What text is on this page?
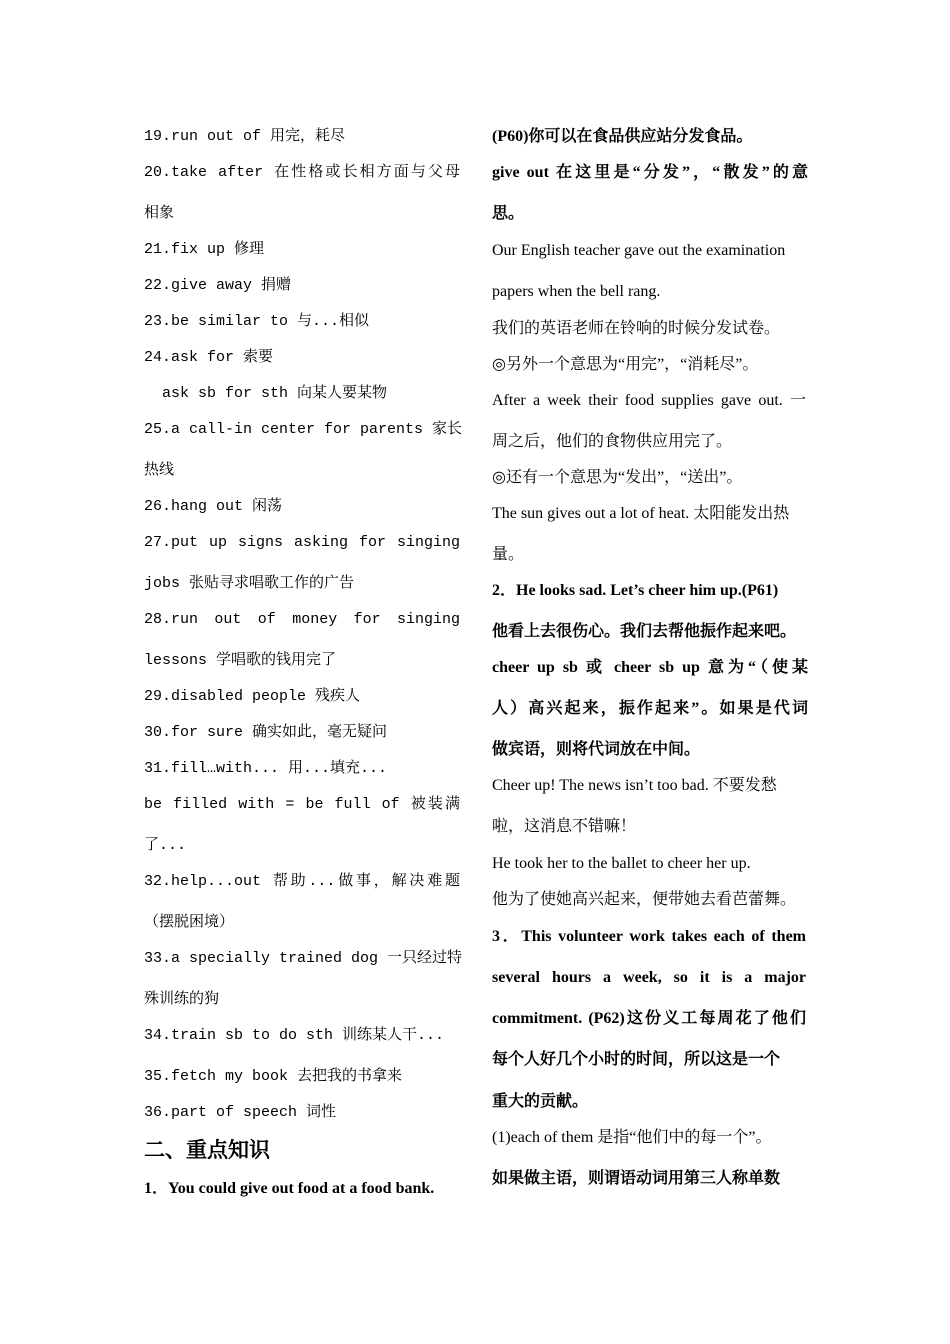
19.run out of 用完，耗尽
20.take after 在性格或长相方面与父母
相象
21.fix up 修理
22.give away 捐赠
23.be similar to 与...相似
24.ask for 索要
ask sb for sth 向某人要某物
25.a call-in center for parents 家长
热线
26.hang out 闲荡
27.put up signs asking for singing
jobs 张贴寻求唱歌工作的广告
28.run out of money for singing
lessons 学唱歌的钱用完了
29.disabled people 残疾人
30.for sure 确实如此，毫无疑问
31.fill…with... 用...填充...
be filled with = be full of 被装满
了...
32.help...out 帮助...做事，解决难题
（摆脱困境）
33.a specially trained dog 一只经过特
殊训练的狗
34.train sb to do sth 训练某人干...
35.fetch my book 去把我的书拿来
36.part of speech 词性
二、重点知识
1．You could give out food at a food bank.
(P60)你可以在食品供应站分发食品。
give out 在这里是“分发”，“散发”的意
思。
Our English teacher gave out the examination
papers when the bell rang.
我们的英语老师在铃响的时候分发试卷。
◎另外一个意思为“用完”，“消耗尽”。
After a week their food supplies gave out. 一
周之后，他们的食物供应用完了。
◎还有一个意思为“发出”，“送出”。
The sun gives out a lot of heat. 太阳能发出热
量。
2．He looks sad. Let’s cheer him up.(P61)
他看上去很伤心。我们去帮他振作起来吧。
cheer up sb 或 cheer sb up 意为“（使某
人）高兴起来，振作起来”。如果是代词
做宾语，则将代词放在中间。
Cheer up! The news isn’t too bad. 不要发愁
啦，这消息不错嘛！
He took her to the ballet to cheer her up.
他为了使她高兴起来，便带她去看芭蕾舞。
3．This volunteer work takes each of them
several hours a week, so it is a major
commitment. (P62)这份义工每周花了他们
每个人好几个小时的时间，所以这是一个
重大的贡献。
(1)each of them 是指“他们中的每一个”。
如果做主语，则谓语动词用第三人称单数
